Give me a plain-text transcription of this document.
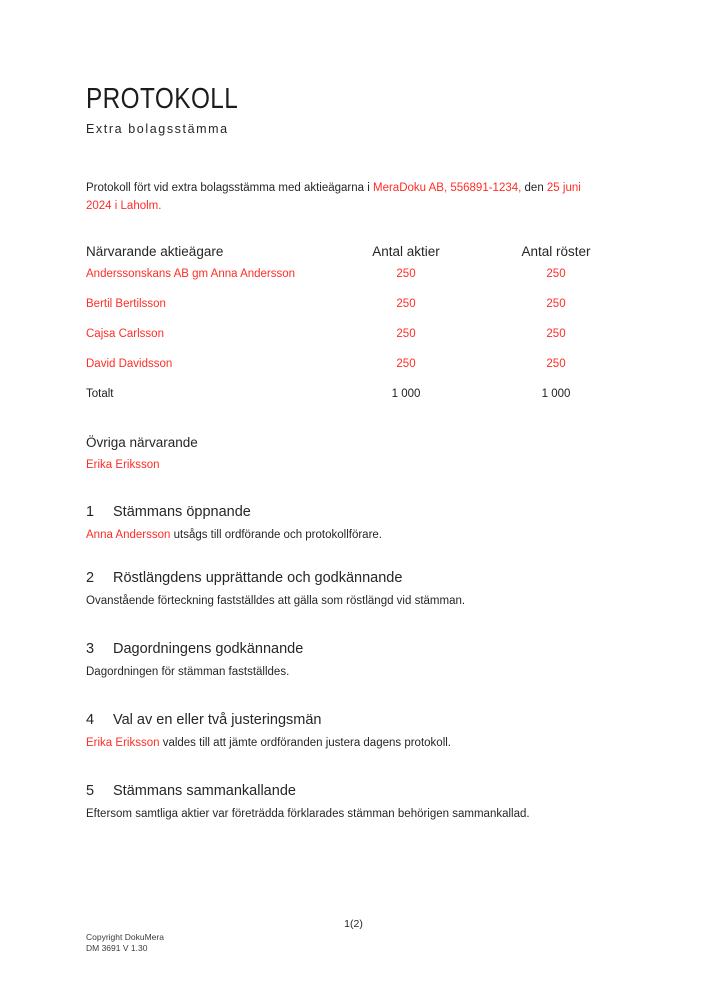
PROTOKOLL
Extra bolagsstämma
Protokoll fört vid extra bolagsstämma med aktieägarna i MeraDoku AB, 556891-1234, den 25 juni
2024 i Laholm.
Närvarande aktieägare	Antal aktier	Antal röster
Anderssonskans AB gm Anna Andersson	250	250
Bertil Bertilsson	250	250
Cajsa Carlsson	250	250
David Davidsson	250	250
Totalt	1 000	1 000
Övriga närvarande
Erika Eriksson
1 Stämmans öppnande
Anna Andersson utsågs till ordförande och protokollförare.
2 Röstlängdens upprättande och godkännande
Ovanstående förteckning fastställdes att gälla som röstlängd vid stämman.
3 Dagordningens godkännande
Dagordningen för stämman fastställdes.
4 Val av en eller två justeringsmän
Erika Eriksson valdes till att jämte ordföranden justera dagens protokoll.
5 Stämmans sammankallande
Eftersom samtliga aktier var företrädda förklarades stämman behörigen sammankallad.
1(2)
Copyright DokuMera
DM 3691 V 1.30
